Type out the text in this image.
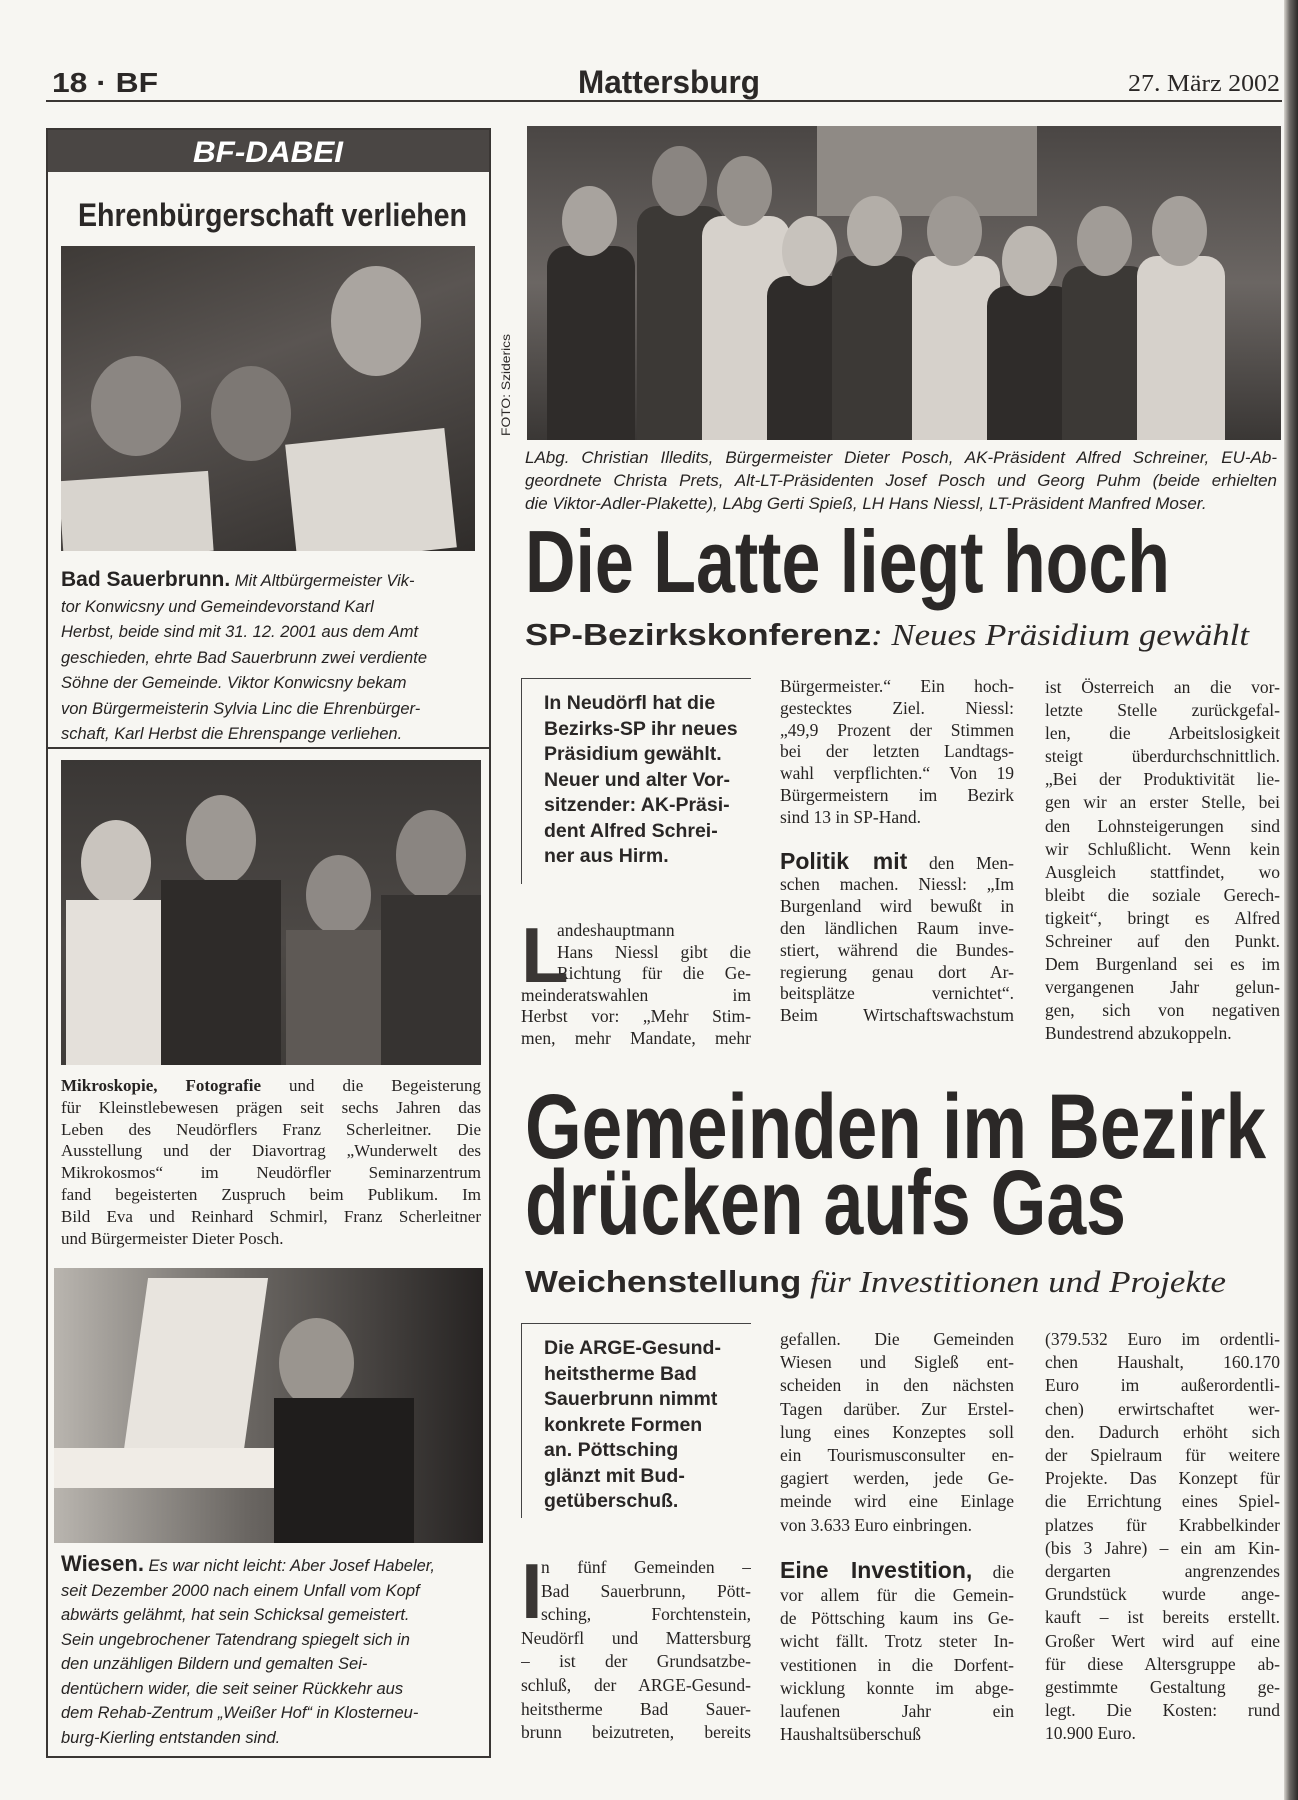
18 · BF	Mattersburg	27. März 2002
BF-DABEI
Ehrenbürgerschaft verliehen
Bad Sauerbrunn. Mit Altbürgermeister Vik-
tor Konwicsny und Gemeindevorstand Karl
Herbst, beide sind mit 31. 12. 2001 aus dem Amt
geschieden, ehrte Bad Sauerbrunn zwei verdiente
Söhne der Gemeinde. Viktor Konwicsny bekam
von Bürgermeisterin Sylvia Linc die Ehrenbürger-
schaft, Karl Herbst die Ehrenspange verliehen.
Mikroskopie, Fotografie und die Begeisterung
für Kleinstlebewesen prägen seit sechs Jahren das
Leben des Neudörflers Franz Scherleitner. Die
Ausstellung und der Diavortrag „Wunderwelt des
Mikrokosmos“ im Neudörfler Seminarzentrum
fand begeisterten Zuspruch beim Publikum. Im
Bild Eva und Reinhard Schmirl, Franz Scherleitner
und Bürgermeister Dieter Posch.
Wiesen. Es war nicht leicht: Aber Josef Habeler,
seit Dezember 2000 nach einem Unfall vom Kopf
abwärts gelähmt, hat sein Schicksal gemeistert.
Sein ungebrochener Tatendrang spiegelt sich in
den unzähligen Bildern und gemalten Sei-
dentüchern wider, die seit seiner Rückkehr aus
dem Rehab-Zentrum „Weißer Hof“ in Klosterneu-
burg-Kierling entstanden sind.
FOTO: Sziderics
LAbg. Christian Illedits, Bürgermeister Dieter Posch, AK-Präsident Alfred Schreiner, EU-Ab-
geordnete Christa Prets, Alt-LT-Präsidenten Josef Posch und Georg Puhm (beide erhielten
die Viktor-Adler-Plakette), LAbg Gerti Spieß, LH Hans Niessl, LT-Präsident Manfred Moser.
Die Latte liegt hoch
SP-Bezirkskonferenz : Neues Präsidium gewählt
In Neudörfl hat die
Bezirks-SP ihr neues
Präsidium gewählt.
Neuer und alter Vor-
sitzender: AK-Präsi-
dent Alfred Schrei-
ner aus Hirm.
L
andeshauptmann
Hans Niessl gibt die
Richtung für die Ge-
meinderatswahlen im
Herbst vor: „Mehr Stim-
men, mehr Mandate, mehr
Bürgermeister.“ Ein hoch-
gestecktes Ziel. Niessl:
„49,9 Prozent der Stimmen
bei der letzten Landtags-
wahl verpflichten.“ Von 19
Bürgermeistern im Bezirk
sind 13 in SP-Hand.
Politik mit den Men-
schen machen. Niessl: „Im
Burgenland wird bewußt in
den ländlichen Raum inve-
stiert, während die Bundes-
regierung genau dort Ar-
beitsplätze vernichtet“.
Beim Wirtschaftswachstum
ist Österreich an die vor-
letzte Stelle zurückgefal-
len, die Arbeitslosigkeit
steigt überdurchschnittlich.
„Bei der Produktivität lie-
gen wir an erster Stelle, bei
den Lohnsteigerungen sind
wir Schlußlicht. Wenn kein
Ausgleich stattfindet, wo
bleibt die soziale Gerech-
tigkeit“, bringt es Alfred
Schreiner auf den Punkt.
Dem Burgenland sei es im
vergangenen Jahr gelun-
gen, sich von negativen
Bundestrend abzukoppeln.
Gemeinden im Bezirk
drücken aufs Gas
Weichenstellung für Investitionen und Projekte
Die ARGE-Gesund-
heitstherme Bad
Sauerbrunn nimmt
konkrete Formen
an. Pöttsching
glänzt mit Bud-
getüberschuß.
I
n fünf Gemeinden –
Bad Sauerbrunn, Pött-
sching, Forchtenstein,
Neudörfl und Mattersburg
– ist der Grundsatzbe-
schluß, der ARGE-Gesund-
heitstherme Bad Sauer-
brunn beizutreten, bereits
gefallen. Die Gemeinden
Wiesen und Sigleß ent-
scheiden in den nächsten
Tagen darüber. Zur Erstel-
lung eines Konzeptes soll
ein Tourismusconsulter en-
gagiert werden, jede Ge-
meinde wird eine Einlage
von 3.633 Euro einbringen.
Eine Investition, die
vor allem für die Gemein-
de Pöttsching kaum ins Ge-
wicht fällt. Trotz steter In-
vestitionen in die Dorfent-
wicklung konnte im abge-
laufenen Jahr ein
Haushaltsüberschuß
(379.532 Euro im ordentli-
chen Haushalt, 160.170
Euro im außerordentli-
chen) erwirtschaftet wer-
den. Dadurch erhöht sich
der Spielraum für weitere
Projekte. Das Konzept für
die Errichtung eines Spiel-
platzes für Krabbelkinder
(bis 3 Jahre) – ein am Kin-
dergarten angrenzendes
Grundstück wurde ange-
kauft – ist bereits erstellt.
Großer Wert wird auf eine
für diese Altersgruppe ab-
gestimmte Gestaltung ge-
legt. Die Kosten: rund
10.900 Euro.
